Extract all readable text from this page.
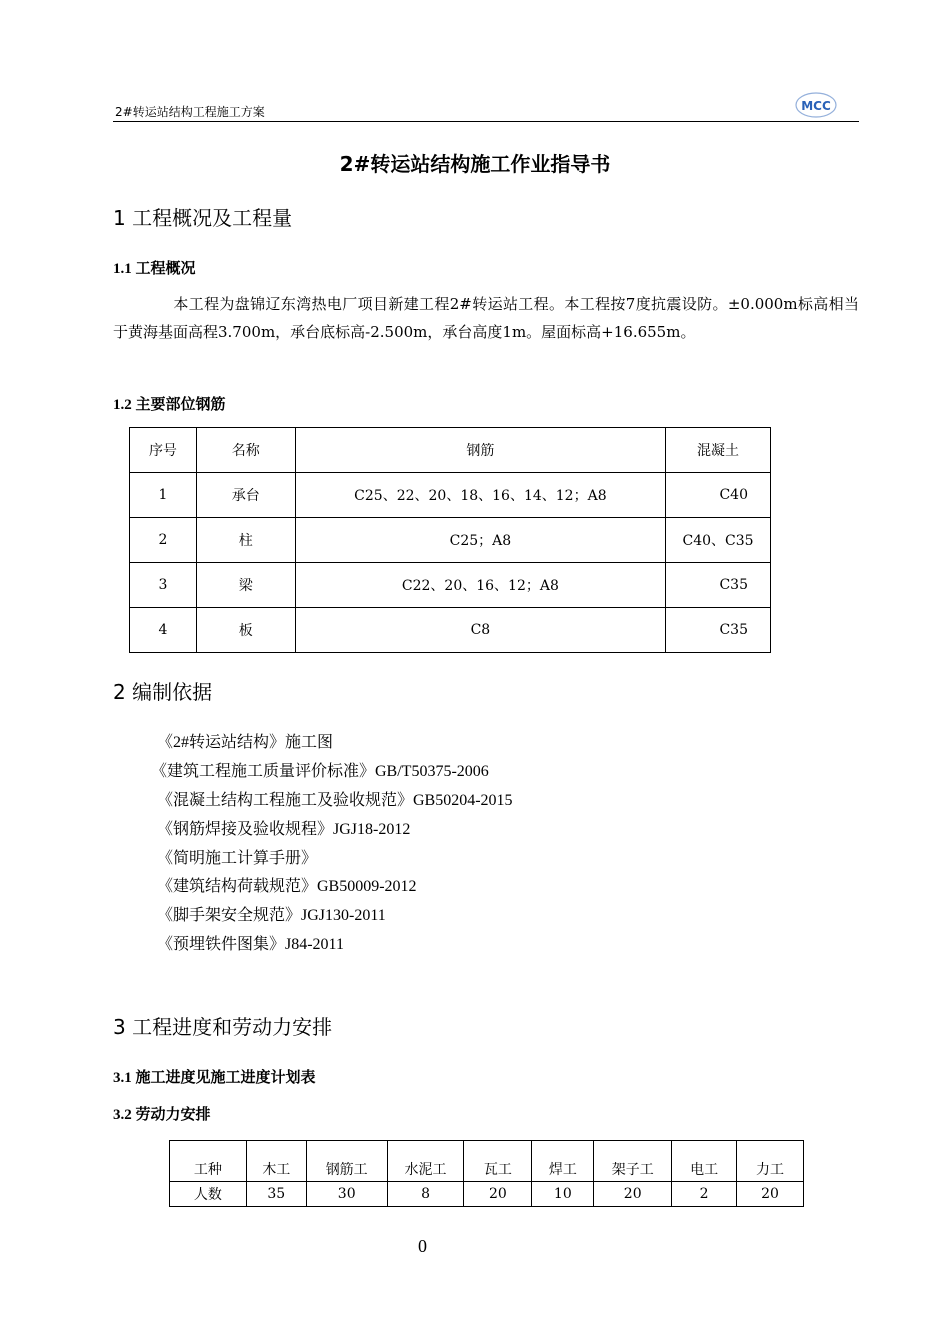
2#转运站结构工程施工方案	MCC
2#转运站结构施工作业指导书
1 工程概况及工程量
1.1 工程概况
本工程为盘锦辽东湾热电厂项目新建工程2#转运站工程。本工程按7度抗震设防。±0.000m标高相当于黄海基面高程3.700m，承台底标高-2.500m，承台高度1m。屋面标高+16.655m。
1.2 主要部位钢筋
序号	名称	钢筋	混凝土
1	承台	C25、22、20、18、16、14、12；A8	C40
2	柱	C25；A8	C40、C35
3	梁	C22、20、16、12；A8	C35
4	板	C8	C35
2 编制依据
《2#转运站结构》施工图
《建筑工程施工质量评价标准》GB/T50375-2006
《混凝土结构工程施工及验收规范》GB50204-2015
《钢筋焊接及验收规程》JGJ18-2012
《简明施工计算手册》
《建筑结构荷载规范》GB50009-2012
《脚手架安全规范》JGJ130-2011
《预埋铁件图集》J84-2011
3 工程进度和劳动力安排
3.1 施工进度见施工进度计划表
3.2 劳动力安排
工种	木工	钢筋工	水泥工	瓦工	焊工	架子工	电工	力工
人数	35	30	8	20	10	20	2	20
0
